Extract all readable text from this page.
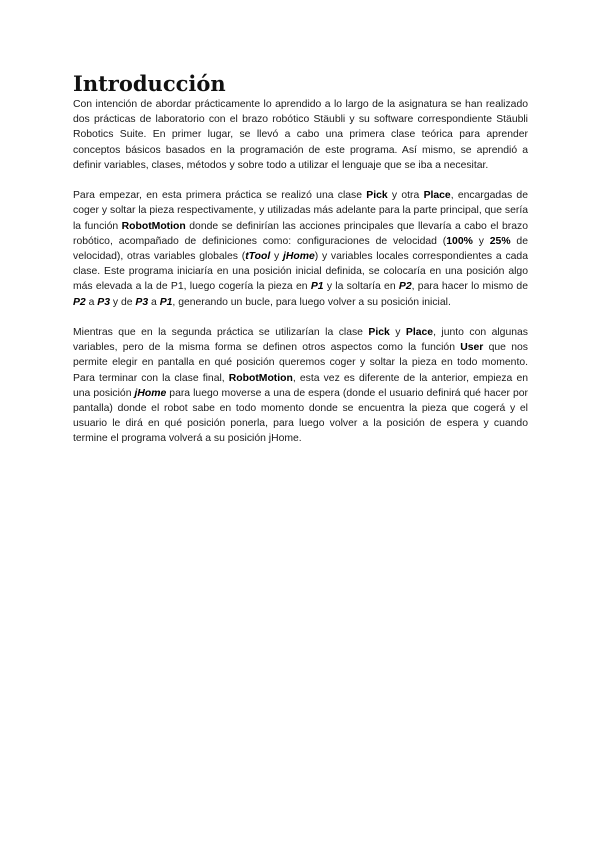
Introducción

Con intención de abordar prácticamente lo aprendido a lo largo de la asignatura se han realizado dos prácticas de laboratorio con el brazo robótico Stäubli y su software correspondiente Stäubli Robotics Suite. En primer lugar, se llevó a cabo una primera clase teórica para aprender conceptos básicos basados en la programación de este programa. Así mismo, se aprendió a definir variables, clases, métodos y sobre todo a utilizar el lenguaje que se iba a necesitar.

Para empezar, en esta primera práctica se realizó una clase Pick y otra Place, encargadas de coger y soltar la pieza respectivamente, y utilizadas más adelante para la parte principal, que sería la función RobotMotion donde se definirían las acciones principales que llevaría a cabo el brazo robótico, acompañado de definiciones como: configuraciones de velocidad (100% y 25% de velocidad), otras variables globales (tTool y jHome) y variables locales correspondientes a cada clase. Este programa iniciaría en una posición inicial definida, se colocaría en una posición algo más elevada a la de P1, luego cogería la pieza en P1 y la soltaría en P2, para hacer lo mismo de P2 a P3 y de P3 a P1, generando un bucle, para luego volver a su posición inicial.

Mientras que en la segunda práctica se utilizarían la clase Pick y Place, junto con algunas variables, pero de la misma forma se definen otros aspectos como la función User que nos permite elegir en pantalla en qué posición queremos coger y soltar la pieza en todo momento. Para terminar con la clase final, RobotMotion, esta vez es diferente de la anterior, empieza en una posición jHome para luego moverse a una de espera (donde el usuario definirá qué hacer por pantalla) donde el robot sabe en todo momento donde se encuentra la pieza que cogerá y el usuario le dirá en qué posición ponerla, para luego volver a la posición de espera y cuando termine el programa volverá a su posición jHome.
